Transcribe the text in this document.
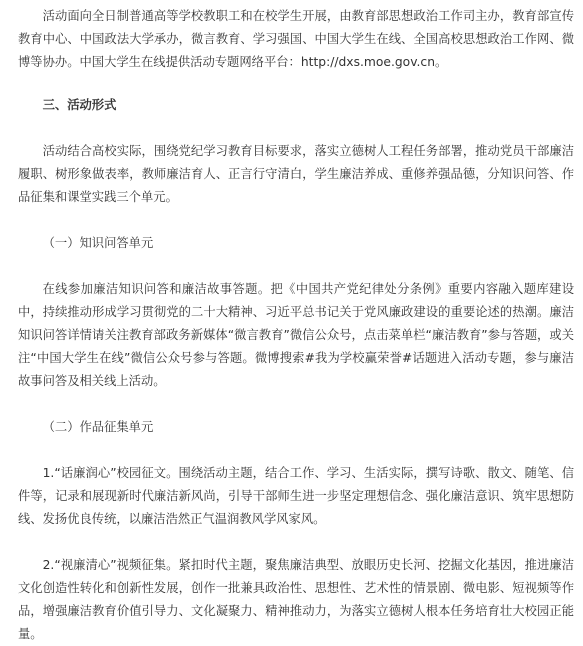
活动面向全日制普通高等学校教职工和在校学生开展，由教育部思想政治工作司主办，教育部宣传教育中心、中国政法大学承办，微言教育、学习强国、中国大学生在线、全国高校思想政治工作网、微博等协办。中国大学生在线提供活动专题网络平台：http://dxs.moe.gov.cn。

三、活动形式

活动结合高校实际，围绕党纪学习教育目标要求，落实立德树人工程任务部署，推动党员干部廉洁履职、树形象做表率，教师廉洁育人、正言行守清白，学生廉洁养成、重修养强品德，分知识问答、作品征集和课堂实践三个单元。

（一）知识问答单元

在线参加廉洁知识问答和廉洁故事答题。把《中国共产党纪律处分条例》重要内容融入题库建设中，持续推动形成学习贯彻党的二十大精神、习近平总书记关于党风廉政建设的重要论述的热潮。廉洁知识问答详情请关注教育部政务新媒体“微言教育”微信公众号，点击菜单栏“廉洁教育”参与答题，或关注“中国大学生在线”微信公众号参与答题。微博搜索#我为学校赢荣誉#话题进入活动专题，参与廉洁故事问答及相关线上活动。

（二）作品征集单元

1.“话廉润心”校园征文。围绕活动主题，结合工作、学习、生活实际，撰写诗歌、散文、随笔、信件等，记录和展现新时代廉洁新风尚，引导干部师生进一步坚定理想信念、强化廉洁意识、筑牢思想防线、发扬优良传统，以廉洁浩然正气温润教风学风家风。

2.“视廉清心”视频征集。紧扣时代主题，聚焦廉洁典型、放眼历史长河、挖掘文化基因，推进廉洁文化创造性转化和创新性发展，创作一批兼具政治性、思想性、艺术性的情景剧、微电影、短视频等作品，增强廉洁教育价值引导力、文化凝聚力、精神推动力，为落实立德树人根本任务培育壮大校园正能量。
